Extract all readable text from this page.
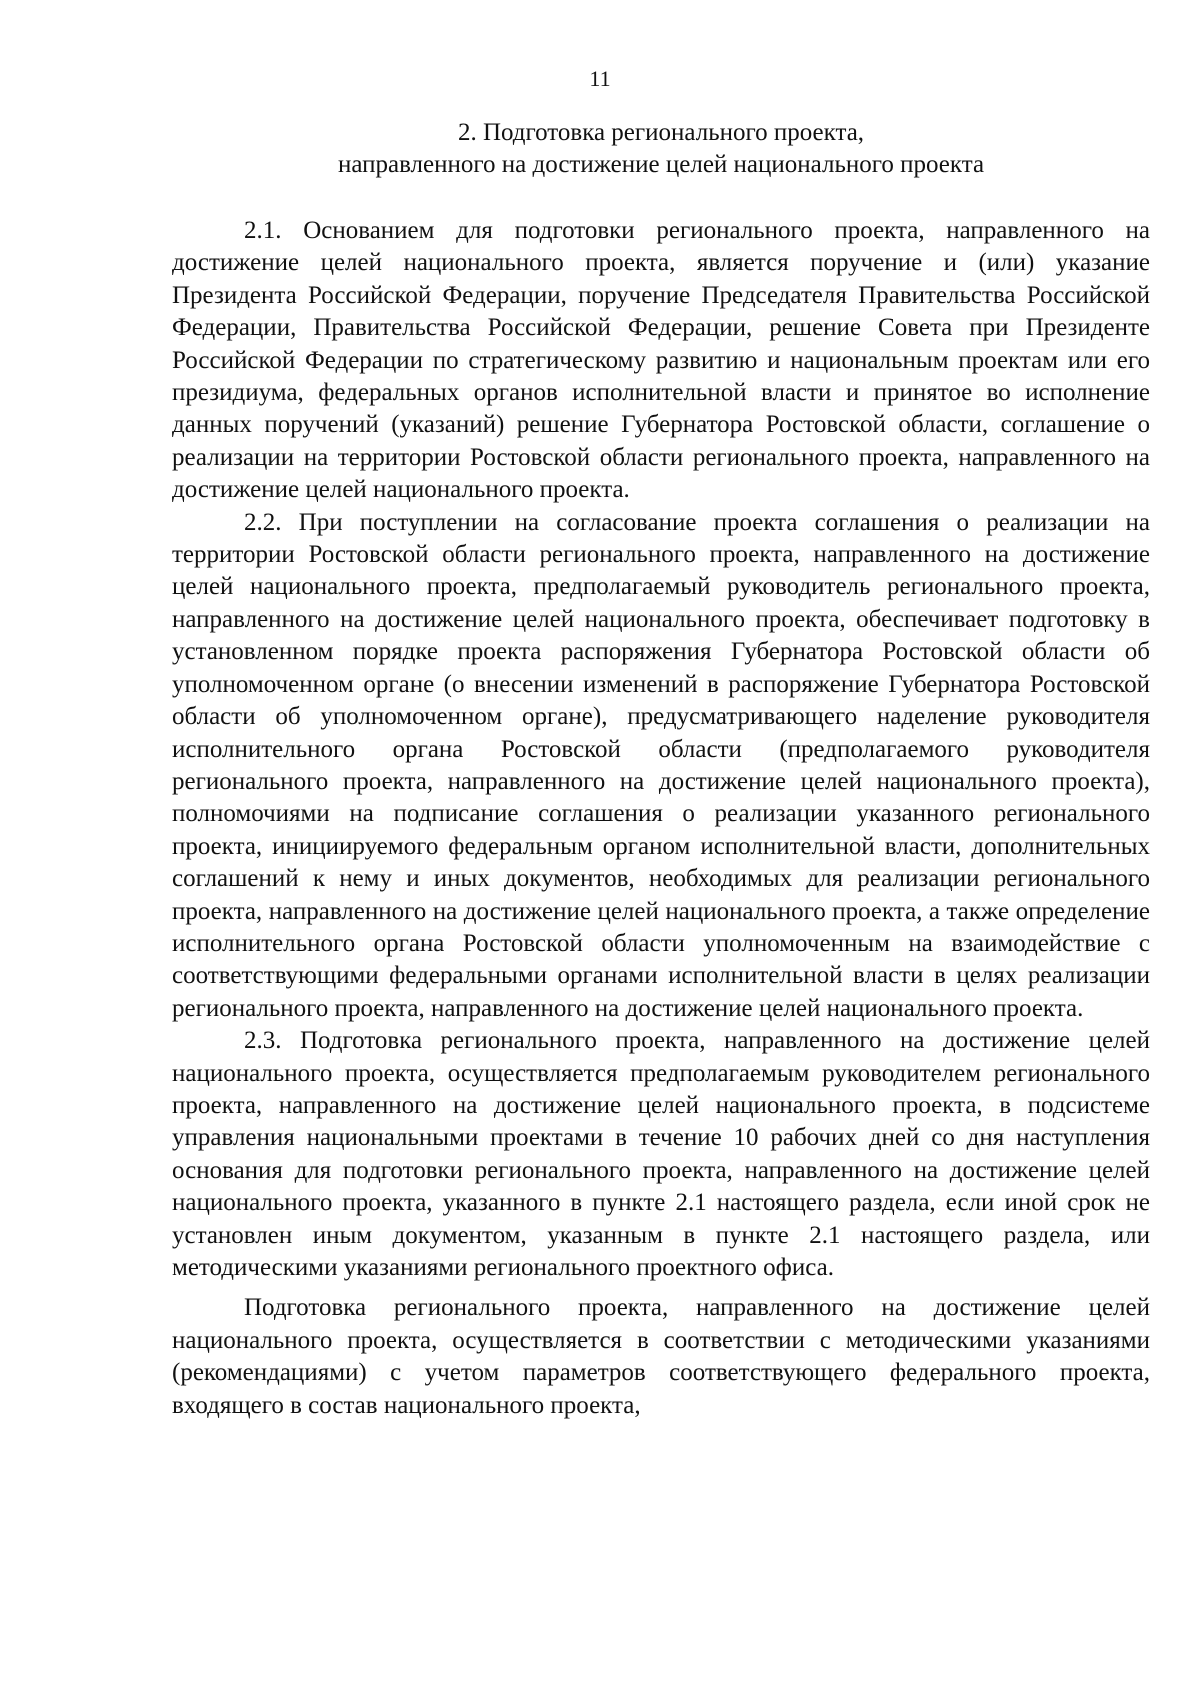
11
2. Подготовка регионального проекта,
направленного на достижение целей национального проекта

2.1. Основанием для подготовки регионального проекта, направленного на достижение целей национального проекта, является поручение и (или) указание Президента Российской Федерации, поручение Председателя Правительства Российской Федерации, Правительства Российской Федерации, решение Совета при Президенте Российской Федерации по стратегическому развитию и национальным проектам или его президиума, федеральных органов исполнительной власти и принятое во исполнение данных поручений (указаний) решение Губернатора Ростовской области, соглашение о реализации на территории Ростовской области регионального проекта, направленного на достижение целей национального проекта.

2.2. При поступлении на согласование проекта соглашения о реализации на территории Ростовской области регионального проекта, направленного на достижение целей национального проекта, предполагаемый руководитель регионального проекта, направленного на достижение целей национального проекта, обеспечивает подготовку в установленном порядке проекта распоряжения Губернатора Ростовской области об уполномоченном органе (о внесении изменений в распоряжение Губернатора Ростовской области об уполномоченном органе), предусматривающего наделение руководителя исполнительного органа Ростовской области (предполагаемого руководителя регионального проекта, направленного на достижение целей национального проекта), полномочиями на подписание соглашения о реализации указанного регионального проекта, инициируемого федеральным органом исполнительной власти, дополнительных соглашений к нему и иных документов, необходимых для реализации регионального проекта, направленного на достижение целей национального проекта, а также определение исполнительного органа Ростовской области уполномоченным на взаимодействие с соответствующими федеральными органами исполнительной власти в целях реализации регионального проекта, направленного на достижение целей национального проекта.

2.3. Подготовка регионального проекта, направленного на достижение целей национального проекта, осуществляется предполагаемым руководителем регионального проекта, направленного на достижение целей национального проекта, в подсистеме управления национальными проектами в течение 10 рабочих дней со дня наступления основания для подготовки регионального проекта, направленного на достижение целей национального проекта, указанного в пункте 2.1 настоящего раздела, если иной срок не установлен иным документом, указанным в пункте 2.1 настоящего раздела, или методическими указаниями регионального проектного офиса.

Подготовка регионального проекта, направленного на достижение целей национального проекта, осуществляется в соответствии с методическими указаниями (рекомендациями) с учетом параметров соответствующего федерального проекта, входящего в состав национального проекта,
